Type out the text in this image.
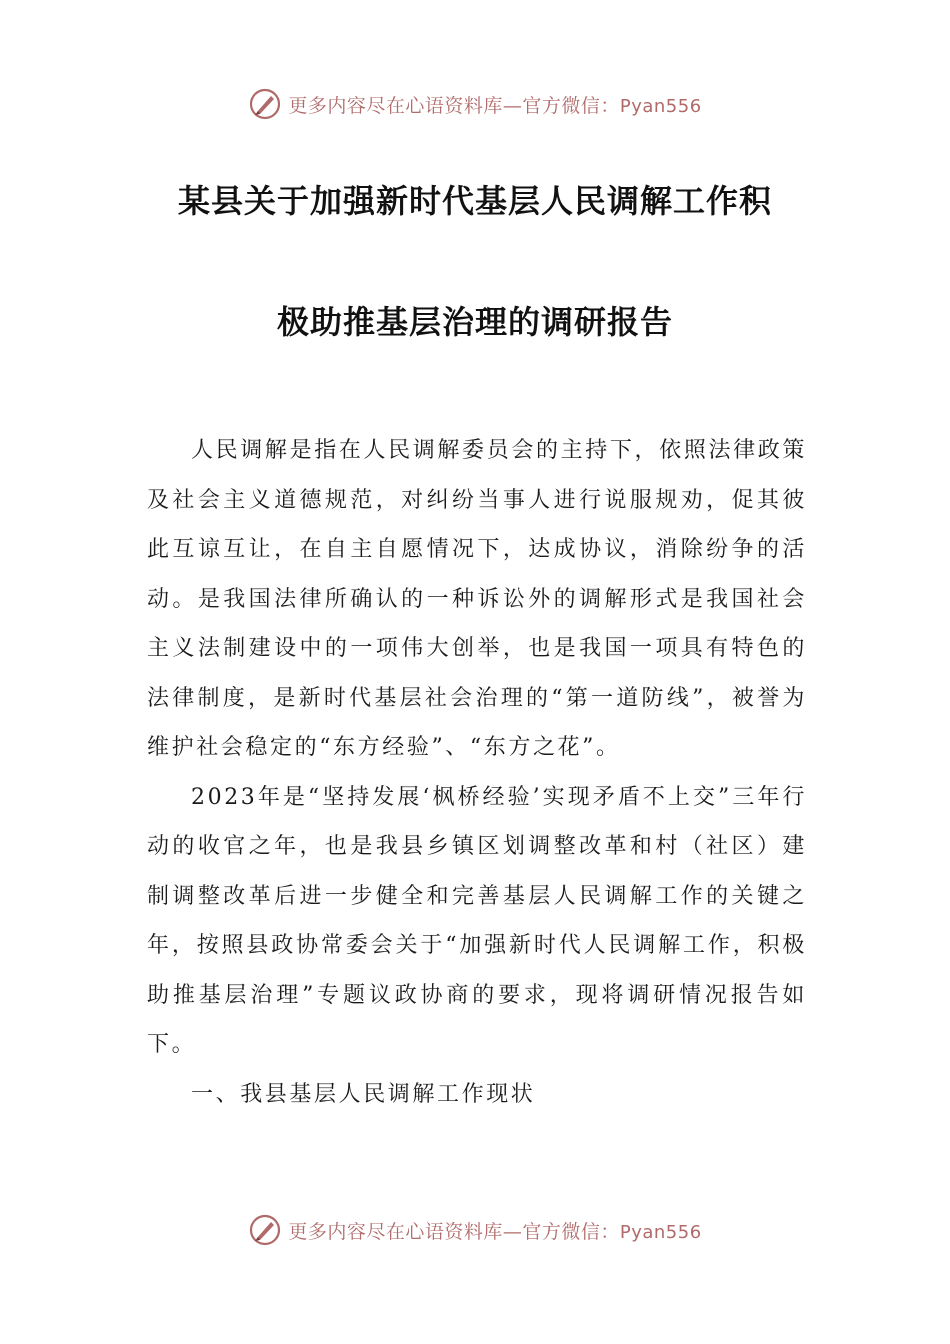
更多内容尽在心语资料库—官方微信：Pyan556
某县关于加强新时代基层人民调解工作积
极助推基层治理的调研报告

人民调解是指在人民调解委员会的主持下，依照法律政策及社会主义道德规范，对纠纷当事人进行说服规劝，促其彼此互谅互让，在自主自愿情况下，达成协议，消除纷争的活动。是我国法律所确认的一种诉讼外的调解形式是我国社会主义法制建设中的一项伟大创举，也是我国一项具有特色的法律制度，是新时代基层社会治理的“第一道防线”，被誉为维护社会稳定的“东方经验”、“东方之花”。

2023年是“坚持发展‘枫桥经验’实现矛盾不上交”三年行动的收官之年，也是我县乡镇区划调整改革和村（社区）建制调整改革后进一步健全和完善基层人民调解工作的关键之年，按照县政协常委会关于“加强新时代人民调解工作，积极助推基层治理”专题议政协商的要求，现将调研情况报告如下。

一、我县基层人民调解工作现状

更多内容尽在心语资料库—官方微信：Pyan556
